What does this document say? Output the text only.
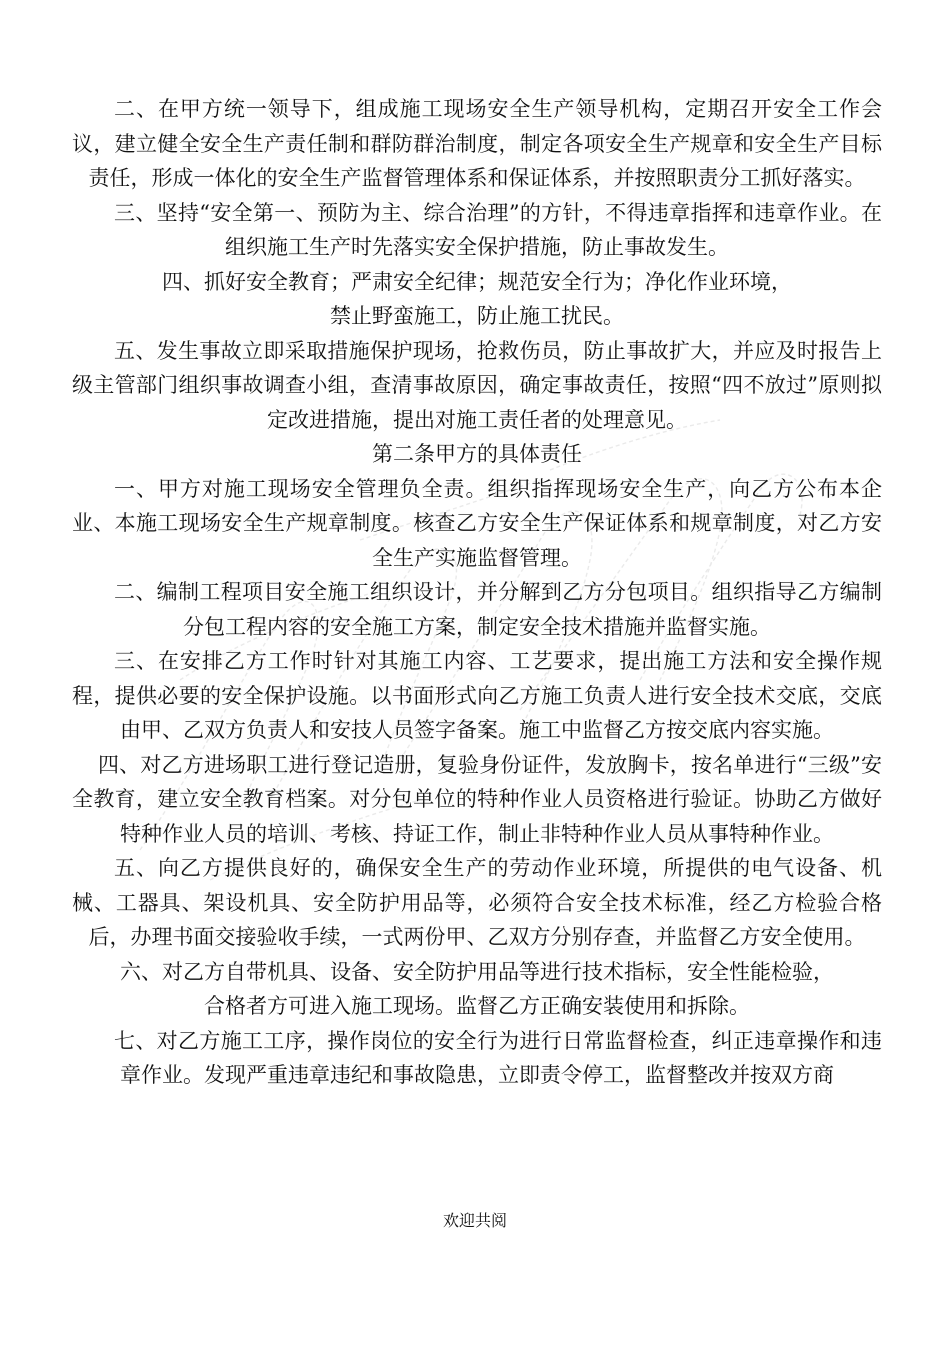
二、在甲方统一领导下，组成施工现场安全生产领导机构，定期召开安全工作会议，建立健全安全生产责任制和群防群治制度，制定各项安全生产规章和安全生产目标责任，形成一体化的安全生产监督管理体系和保证体系，并按照职责分工抓好落实。

三、坚持“安全第一、预防为主、综合治理”的方针，不得违章指挥和违章作业。在组织施工生产时先落实安全保护措施，防止事故发生。

四、抓好安全教育；严肃安全纪律；规范安全行为；净化作业环境，

禁止野蛮施工，防止施工扰民。

五、发生事故立即采取措施保护现场，抢救伤员，防止事故扩大，并应及时报告上级主管部门组织事故调查小组，查清事故原因，确定事故责任，按照“四不放过”原则拟定改进措施，提出对施工责任者的处理意见。

第二条甲方的具体责任

一、甲方对施工现场安全管理负全责。组织指挥现场安全生产，向乙方公布本企业、本施工现场安全生产规章制度。核查乙方安全生产保证体系和规章制度，对乙方安全生产实施监督管理。

二、编制工程项目安全施工组织设计，并分解到乙方分包项目。组织指导乙方编制分包工程内容的安全施工方案，制定安全技术措施并监督实施。

三、在安排乙方工作时针对其施工内容、工艺要求，提出施工方法和安全操作规程，提供必要的安全保护设施。以书面形式向乙方施工负责人进行安全技术交底，交底由甲、乙双方负责人和安技人员签字备案。施工中监督乙方按交底内容实施。

四、对乙方进场职工进行登记造册，复验身份证件，发放胸卡，按名单进行“三级”安全教育，建立安全教育档案。对分包单位的特种作业人员资格进行验证。协助乙方做好特种作业人员的培训、考核、持证工作，制止非特种作业人员从事特种作业。

五、向乙方提供良好的，确保安全生产的劳动作业环境，所提供的电气设备、机械、工器具、架设机具、安全防护用品等，必须符合安全技术标准，经乙方检验合格后，办理书面交接验收手续，一式两份甲、乙双方分别存查，并监督乙方安全使用。

六、对乙方自带机具、设备、安全防护用品等进行技术指标，安全性能检验，

合格者方可进入施工现场。监督乙方正确安装使用和拆除。

七、对乙方施工工序，操作岗位的安全行为进行日常监督检查，纠正违章操作和违章作业。发现严重违章违纪和事故隐患，立即责令停工，监督整改并按双方商

欢迎共阅
